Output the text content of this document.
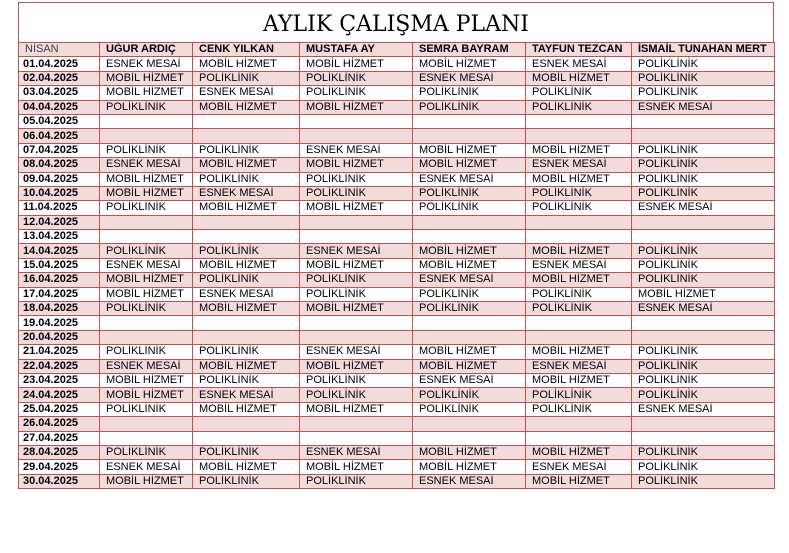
AYLIK ÇALIŞMA PLANI
NİSAN	UĞUR ARDIÇ	CENK YILKAN	MUSTAFA AY	SEMRA BAYRAM	TAYFUN TEZCAN	İSMAİL TUNAHAN MERT
01.04.2025	ESNEK MESAİ	MOBİL HİZMET	MOBİL HİZMET	MOBİL HİZMET	ESNEK MESAİ	POLİKLİNİK
02.04.2025	MOBİL HİZMET	POLİKLİNİK	POLİKLİNİK	ESNEK MESAİ	MOBİL HİZMET	POLİKLİNİK
03.04.2025	MOBİL HİZMET	ESNEK MESAİ	POLİKLİNİK	POLİKLİNİK	POLİKLİNİK	POLİKLİNİK
04.04.2025	POLİKLİNİK	MOBİL HİZMET	MOBİL HİZMET	POLİKLİNİK	POLİKLİNİK	ESNEK MESAİ
05.04.2025						
06.04.2025						
07.04.2025	POLİKLİNİK	POLİKLİNİK	ESNEK MESAİ	MOBİL HİZMET	MOBİL HİZMET	POLİKLİNİK
08.04.2025	ESNEK MESAİ	MOBİL HİZMET	MOBİL HİZMET	MOBİL HİZMET	ESNEK MESAİ	POLİKLİNİK
09.04.2025	MOBİL HİZMET	POLİKLİNİK	POLİKLİNİK	ESNEK MESAİ	MOBİL HİZMET	POLİKLİNİK
10.04.2025	MOBİL HİZMET	ESNEK MESAİ	POLİKLİNİK	POLİKLİNİK	POLİKLİNİK	POLİKLİNİK
11.04.2025	POLİKLİNİK	MOBİL HİZMET	MOBİL HİZMET	POLİKLİNİK	POLİKLİNİK	ESNEK MESAİ
12.04.2025						
13.04.2025						
14.04.2025	POLİKLİNİK	POLİKLİNİK	ESNEK MESAİ	MOBİL HİZMET	MOBİL HİZMET	POLİKLİNİK
15.04.2025	ESNEK MESAİ	MOBİL HİZMET	MOBİL HİZMET	MOBİL HİZMET	ESNEK MESAİ	POLİKLİNİK
16.04.2025	MOBİL HİZMET	POLİKLİNİK	POLİKLİNİK	ESNEK MESAİ	MOBİL HİZMET	POLİKLİNİK
17.04.2025	MOBİL HİZMET	ESNEK MESAİ	POLİKLİNİK	POLİKLİNİK	POLİKLİNİK	MOBİL HİZMET
18.04.2025	POLİKLİNİK	MOBİL HİZMET	MOBİL HİZMET	POLİKLİNİK	POLİKLİNİK	ESNEK MESAİ
19.04.2025						
20.04.2025						
21.04.2025	POLİKLİNİK	POLİKLİNİK	ESNEK MESAİ	MOBİL HİZMET	MOBİL HİZMET	POLİKLİNİK
22.04.2025	ESNEK MESAİ	MOBİL HİZMET	MOBİL HİZMET	MOBİL HİZMET	ESNEK MESAİ	POLİKLİNİK
23.04.2025	MOBİL HİZMET	POLİKLİNİK	POLİKLİNİK	ESNEK MESAİ	MOBİL HİZMET	POLİKLİNİK
24.04.2025	MOBİL HİZMET	ESNEK MESAİ	POLİKLİNİK	POLİKLİNİK	POLİKLİNİK	POLİKLİNİK
25.04.2025	POLİKLİNİK	MOBİL HİZMET	MOBİL HİZMET	POLİKLİNİK	POLİKLİNİK	ESNEK MESAİ
26.04.2025						
27.04.2025						
28.04.2025	POLİKLİNİK	POLİKLİNİK	ESNEK MESAİ	MOBİL HİZMET	MOBİL HİZMET	POLİKLİNİK
29.04.2025	ESNEK MESAİ	MOBİL HİZMET	MOBİL HİZMET	MOBİL HİZMET	ESNEK MESAİ	POLİKLİNİK
30.04.2025	MOBİL HİZMET	POLİKLİNİK	POLİKLİNİK	ESNEK MESAİ	MOBİL HİZMET	POLİKLİNİK
